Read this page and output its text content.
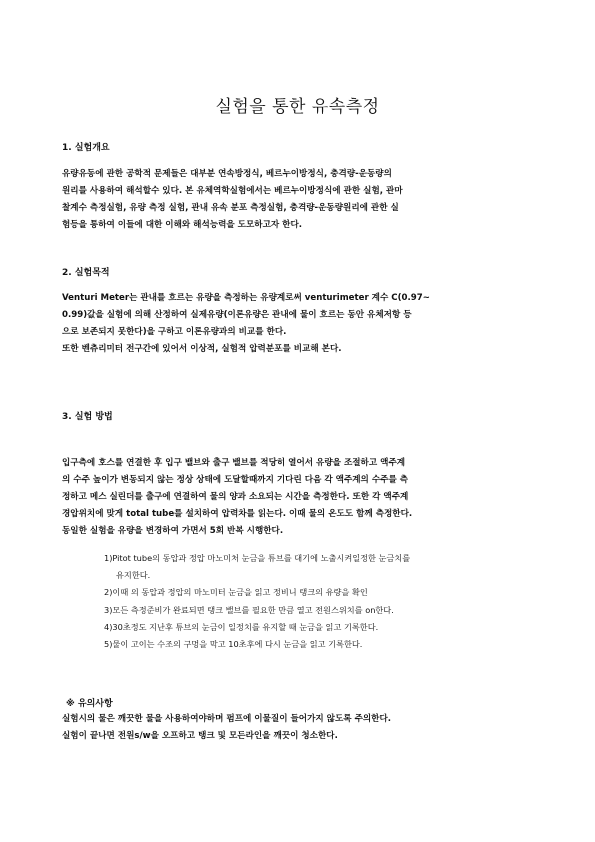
실험을 통한 유속측정
1. 실험개요
유량유동에 관한 공학적 문제들은 대부분 연속방정식, 베르누이방정식, 충격량-운동량의
원리를 사용하여 해석할수 있다. 본 유체역학실험에서는 베르누이방정식에 관한 실험, 관마
찰계수 측정실험, 유량 측정 실험, 관내 유속 분포 측정실험, 충격량-운동량원리에 관한 실
험등을 통하여 이들에 대한 이해와 해석능력을 도모하고자 한다.
2. 실험목적
Venturi Meter는 관내를 흐르는 유량을 측정하는 유량계로써 venturimeter 계수 C(0.97~
0.99)값을 실험에 의해 산정하여 실제유량(이론유량은 관내에 물이 흐르는 동안 유체저항 등
으로 보존되지 못한다)을 구하고 이론유량과의 비교를 한다.
또한 벤츄리미터 전구간에 있어서 이상적, 실험적 압력분포를 비교해 본다.
3. 실험 방법
입구측에 호스를 연결한 후 입구 밸브와 출구 밸브를 적당히 열어서 유량을 조절하고 액주계
의 수주 높이가 변동되지 않는 정상 상태에 도달할때까지 기다린 다음 각 액주계의 수주를 측
정하고 메스 실린더를 출구에 연결하여 물의 양과 소요되는 시간을 측정한다. 또한 각 액주계
경압위치에 맞게 total tube를 설치하여 압력차를 읽는다. 이때 물의 온도도 함께 측정한다.
동일한 실험을 유량을 변경하여 가면서 5회 반복 시행한다.
1)Pitot tube의 동압과 정압 마노미처 눈금을 튜브를 대기에 노출시켜일정한 눈금치를
유지한다.
2)이때 의 동압과 정압의 마노미터 눈금을 읽고 정비니 탱크의 유량을 확인
3)모든 측정준비가 완료되면 탱크 밸브를 필요한 만큼 열고 전원스위치를 on한다.
4)30초정도 지난후 튜브의 눈금이 일정치를 유지할 때 눈금을 읽고 기록한다.
5)물이 고이는 수조의 구멍을 막고 10초후에 다시 눈금을 읽고 기록한다.
※ 유의사항
실험시의 물은 깨끗한 물을 사용하여야하며 펌프에 이물질이 들어가지 않도록 주의한다.
실험이 끝나면 전원s/w을 오프하고 탱크 및 모든라인을 깨끗이 청소한다.
